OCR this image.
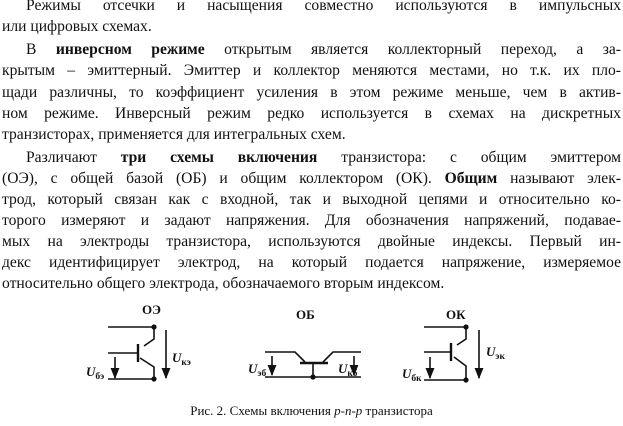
Режимы отсечки и насыщения совместно используются в импульсных
или цифровых схемах.
В инверсном режиме открытым является коллекторный переход, а за-
крытым – эмиттерный. Эмиттер и коллектор меняются местами, но т.к. их пло-
щади различны, то коэффициент усиления в этом режиме меньше, чем в актив-
ном режиме. Инверсный режим редко используется в схемах на дискретных
транзисторах, применяется для интегральных схем.
Различают три схемы включения транзистора: с общим эмиттером
(ОЭ), с общей базой (ОБ) и общим коллектором (ОК). Общим называют элек-
трод, который связан как с входной, так и выходной цепями и относительно ко-
торого измеряют и задают напряжения. Для обозначения напряжений, подавае-
мых на электроды транзистора, используются двойные индексы. Первый ин-
декс идентифицирует электрод, на который подается напряжение, измеряемое
относительно общего электрода, обозначаемого вторым индексом.
ОЭ
$U_{бэ}$
$U_{кэ}$
ОБ
$U_{эб}$	$U_{кб}$
ОК
$U_{бк}$
$U_{эк}$
Рис. 2. Схемы включения p-n-p транзистора
